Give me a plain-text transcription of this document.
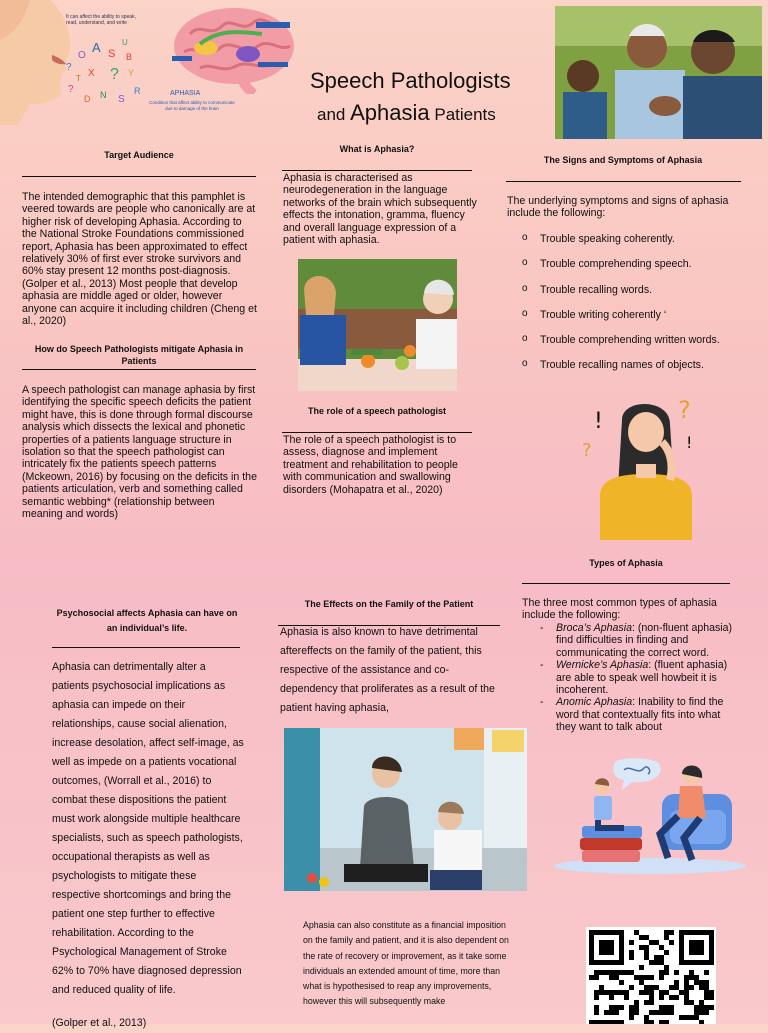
It can affect the ability to speak, read, understand, and write
A S
O	B
? Y
?
X
?	N S
D
R
T
U
APHASIA
Condition that affect ability to communicate due to damage of the brain
Speech Pathologists
and Aphasia Patients
Target Audience
The intended demographic that this pamphlet is veered towards are people who canonically are at higher risk of developing Aphasia. According to the National Stroke Foundations commissioned report, Aphasia has been approximated to effect relatively 30% of first ever stroke survivors and 60% stay present 12 months post-diagnosis. (Golper et al., 2013) Most people that develop aphasia are middle aged or older, however anyone can acquire it including children (Cheng et al., 2020)
How do Speech Pathologists mitigate Aphasia in Patients
A speech pathologist can manage aphasia by first identifying the specific speech deficits the patient might have, this is done through formal discourse analysis which dissects the lexical and phonetic properties of a patients language structure in isolation so that the speech pathologist can intricately fix the patients speech patterns (Mckeown, 2016) by focusing on the deficits in the patients articulation, verb and something called semantic webbing* (relationship between meaning and words)
What is Aphasia?
Aphasia is characterised as neurodegeneration in the language networks of the brain which subsequently effects the intonation, gramma, fluency and overall language expression of a patient with aphasia.
The role of a speech pathologist
The role of a speech pathologist is to assess, diagnose and implement treatment and rehabilitation to people with communication and swallowing disorders (Mohapatra et al., 2020)
The Signs and Symptoms of Aphasia
The underlying symptoms and signs of aphasia include the following:
o Trouble speaking coherently.
o Trouble comprehending speech.
o Trouble recalling words.
o Trouble writing coherently ‘
o Trouble comprehending written words.
o Trouble recalling names of objects.
!	?
?	!
Psychosocial affects Aphasia can have on an individual’s life.
Aphasia can detrimentally alter a patients psychosocial implications as aphasia can impede on their relationships, cause social alienation, increase desolation, affect self-image, as well as impede on a patients vocational outcomes, (Worrall et al., 2016) to combat these dispositions the patient must work alongside multiple healthcare specialists, such as speech pathologists, occupational therapists as well as psychologists to mitigate these respective shortcomings and bring the patient one step further to effective rehabilitation. According to the Psychological Management of Stroke 62% to 70% have diagnosed depression and reduced quality of life.
(Golper et al., 2013)
The Effects on the Family of the Patient
Aphasia is also known to have detrimental aftereffects on the family of the patient, this respective of the assistance and co-dependency that proliferates as a result of the patient having aphasia,
Aphasia can also constitute as a financial imposition on the family and patient, and it is also dependent on the rate of recovery or improvement, as it take some individuals an extended amount of time, more than what is hypothesised to reap any improvements, however this will subsequently make
Types of Aphasia
The three most common types of aphasia include the following:
- Broca’s Aphasia: (non-fluent aphasia) find difficulties in finding and communicating the correct word.
- Wernicke’s Aphasia: (fluent aphasia) are able to speak well howbeit it is incoherent.
- Anomic Aphasia: Inability to find the word that contextually fits into what they want to talk about
